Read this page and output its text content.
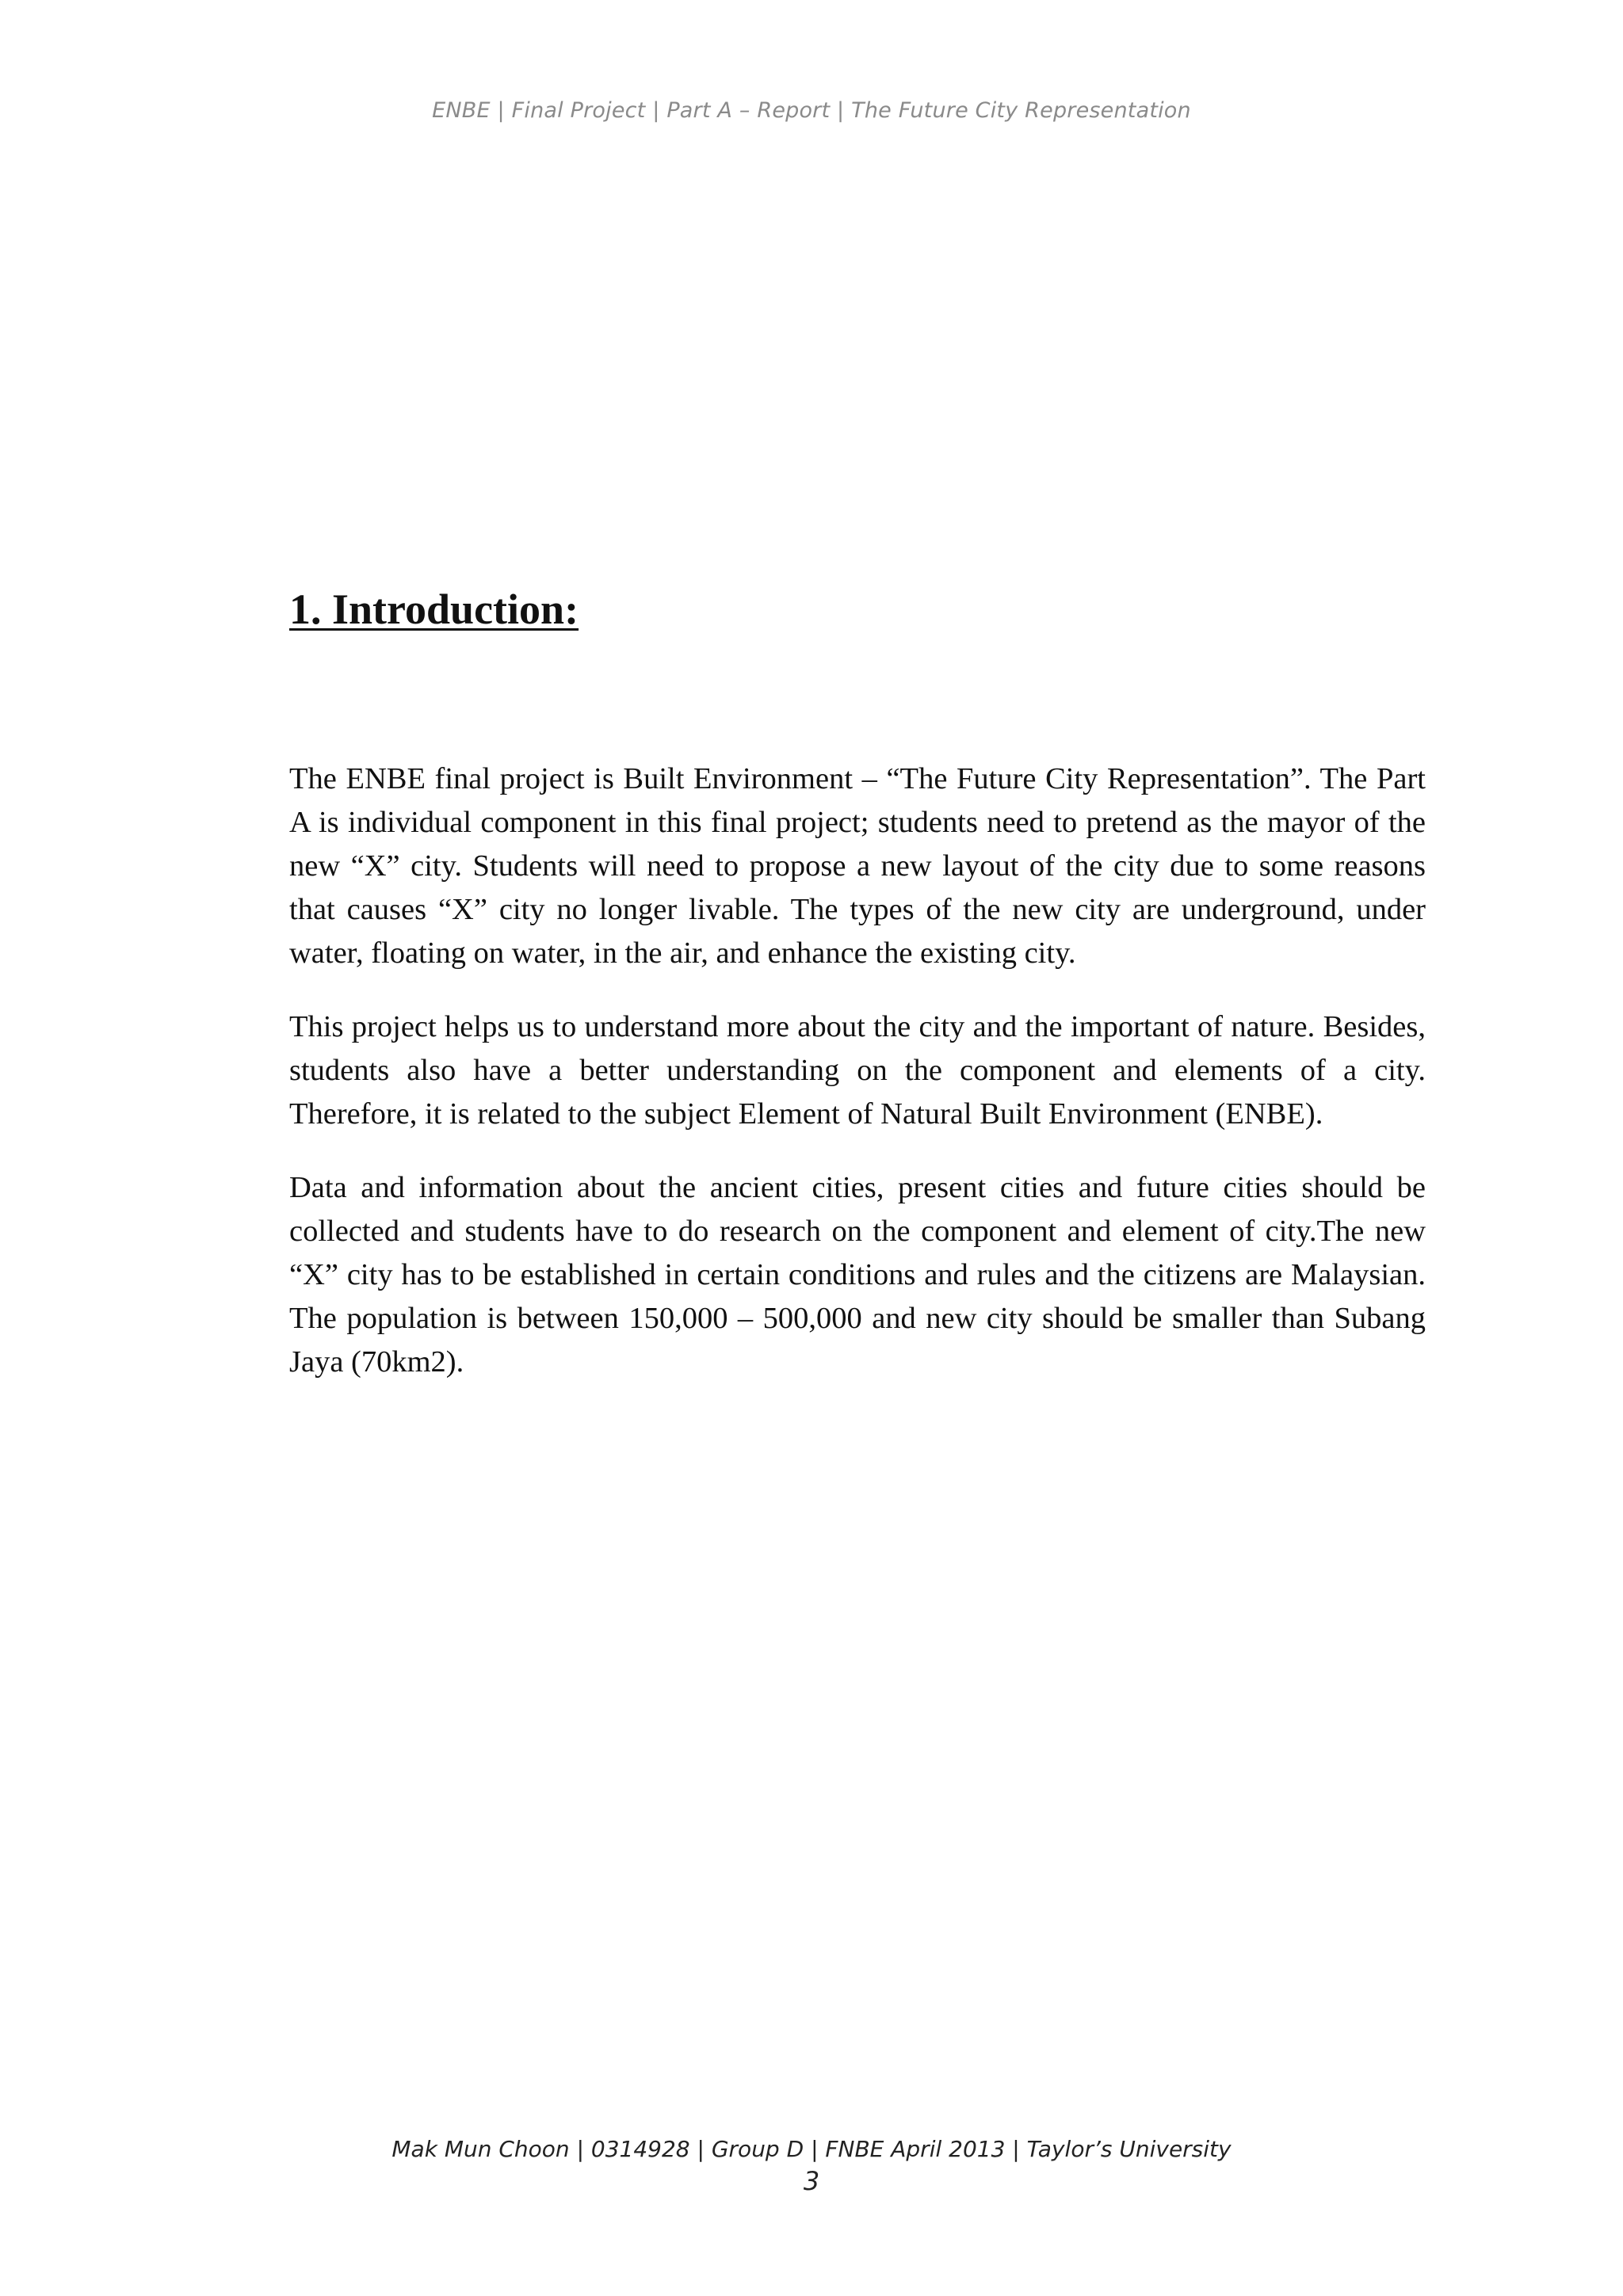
ENBE | Final Project | Part A – Report | The Future City Representation
1. Introduction:

The ENBE final project is Built Environment – “The Future City Representation”. The Part A is individual component in this final project; students need to pretend as the mayor of the new “X” city. Students will need to propose a new layout of the city due to some reasons that causes “X” city no longer livable. The types of the new city are underground, under water, floating on water, in the air, and enhance the existing city.

This project helps us to understand more about the city and the important of nature. Besides, students also have a better understanding on the component and elements of a city. Therefore, it is related to the subject Element of Natural Built Environment (ENBE).

Data and information about the ancient cities, present cities and future cities should be collected and students have to do research on the component and element of city.The new “X” city has to be established in certain conditions and rules and the citizens are Malaysian. The population is between 150,000 – 500,000 and new city should be smaller than Subang Jaya (70km2).

Mak Mun Choon | 0314928 | Group D | FNBE April 2013 | Taylor’s University
3
